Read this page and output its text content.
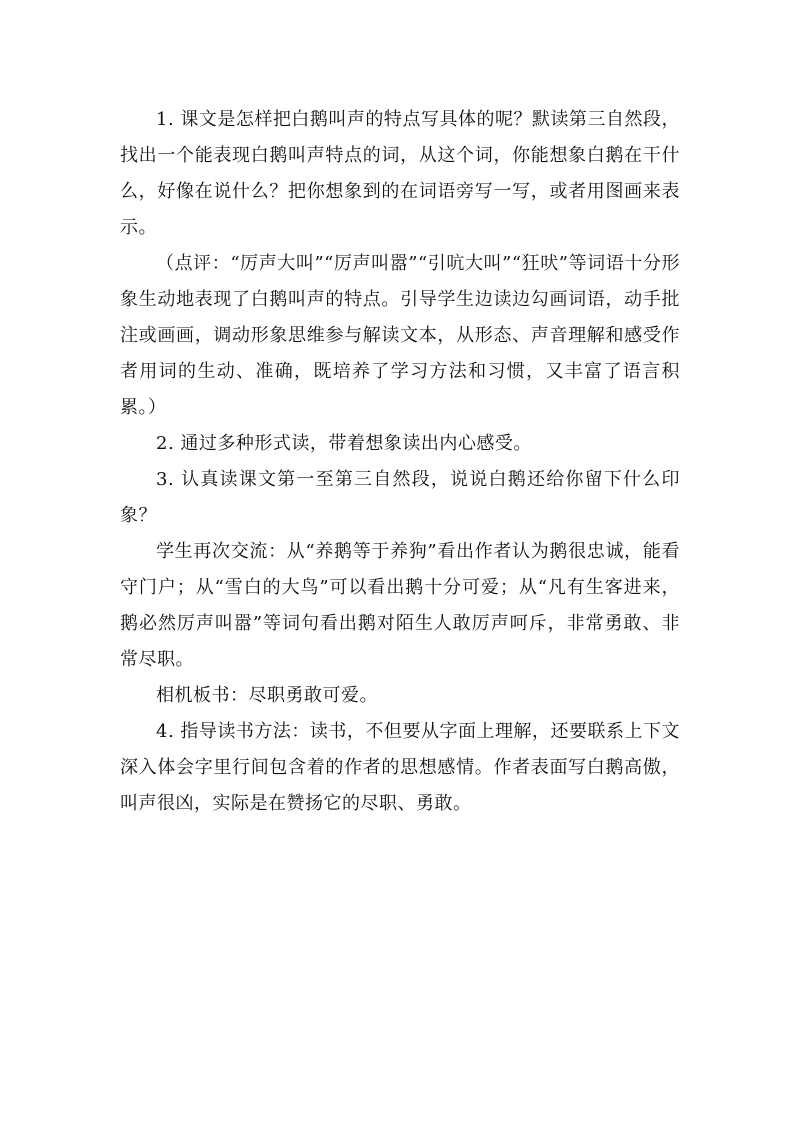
1. 课文是怎样把白鹅叫声的特点写具体的呢？默读第三自然段，找出一个能表现白鹅叫声特点的词，从这个词，你能想象白鹅在干什么，好像在说什么？把你想象到的在词语旁写一写，或者用图画来表示。

（点评：“厉声大叫”“厉声叫嚣”“引吭大叫”“狂吠”等词语十分形象生动地表现了白鹅叫声的特点。引导学生边读边勾画词语，动手批注或画画，调动形象思维参与解读文本，从形态、声音理解和感受作者用词的生动、准确，既培养了学习方法和习惯，又丰富了语言积累。）

2. 通过多种形式读，带着想象读出内心感受。

3. 认真读课文第一至第三自然段，说说白鹅还给你留下什么印象？

学生再次交流：从“养鹅等于养狗”看出作者认为鹅很忠诚，能看守门户；从“雪白的大鸟”可以看出鹅十分可爱；从“凡有生客进来，鹅必然厉声叫嚣”等词句看出鹅对陌生人敢厉声呵斥，非常勇敢、非常尽职。

相机板书：尽职勇敢可爱。

4. 指导读书方法：读书，不但要从字面上理解，还要联系上下文深入体会字里行间包含着的作者的思想感情。作者表面写白鹅高傲，叫声很凶，实际是在赞扬它的尽职、勇敢。
